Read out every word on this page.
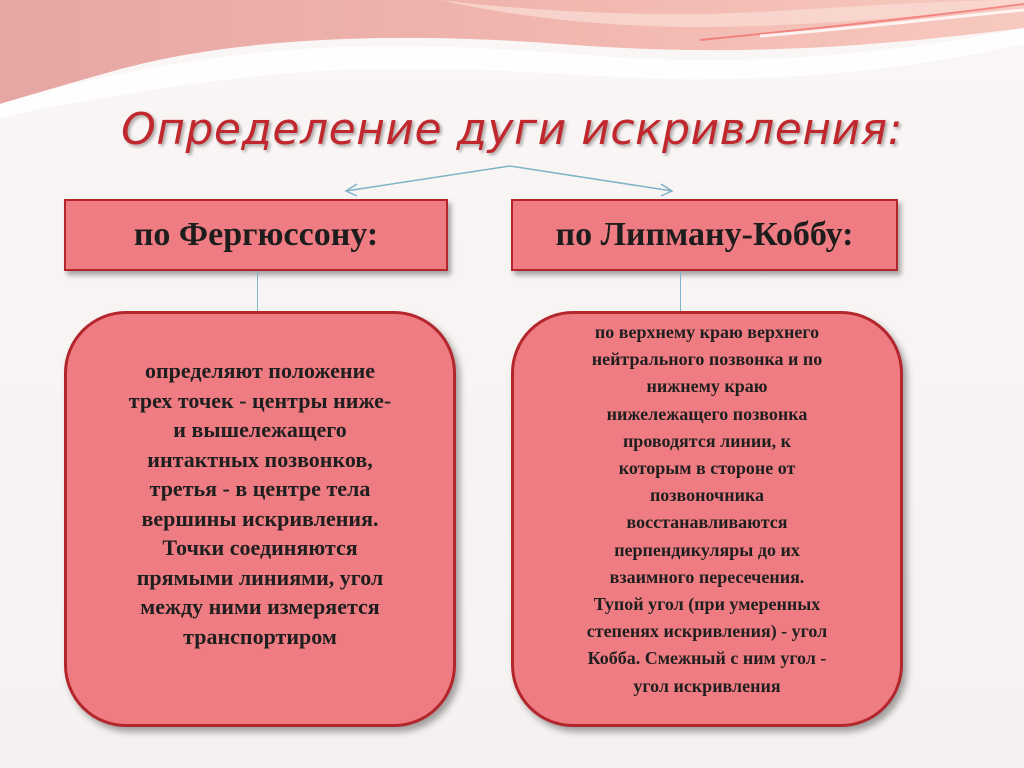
Определение дуги искривления:
по Фергюссону:	по Липману-Коббу:
определяют положение
трех точек - центры ниже-
и вышележащего
интактных позвонков,
третья - в центре тела
вершины искривления.
Точки соединяются
прямыми линиями, угол
между ними измеряется
транспортиром
по верхнему краю верхнего
нейтрального позвонка и по
нижнему краю
нижележащего позвонка
проводятся линии, к
которым в стороне от
позвоночника
восстанавливаются
перпендикуляры до их
взаимного пересечения.
Тупой угол (при умеренных
степенях искривления) - угол
Кобба. Смежный с ним угол -
угол искривления
